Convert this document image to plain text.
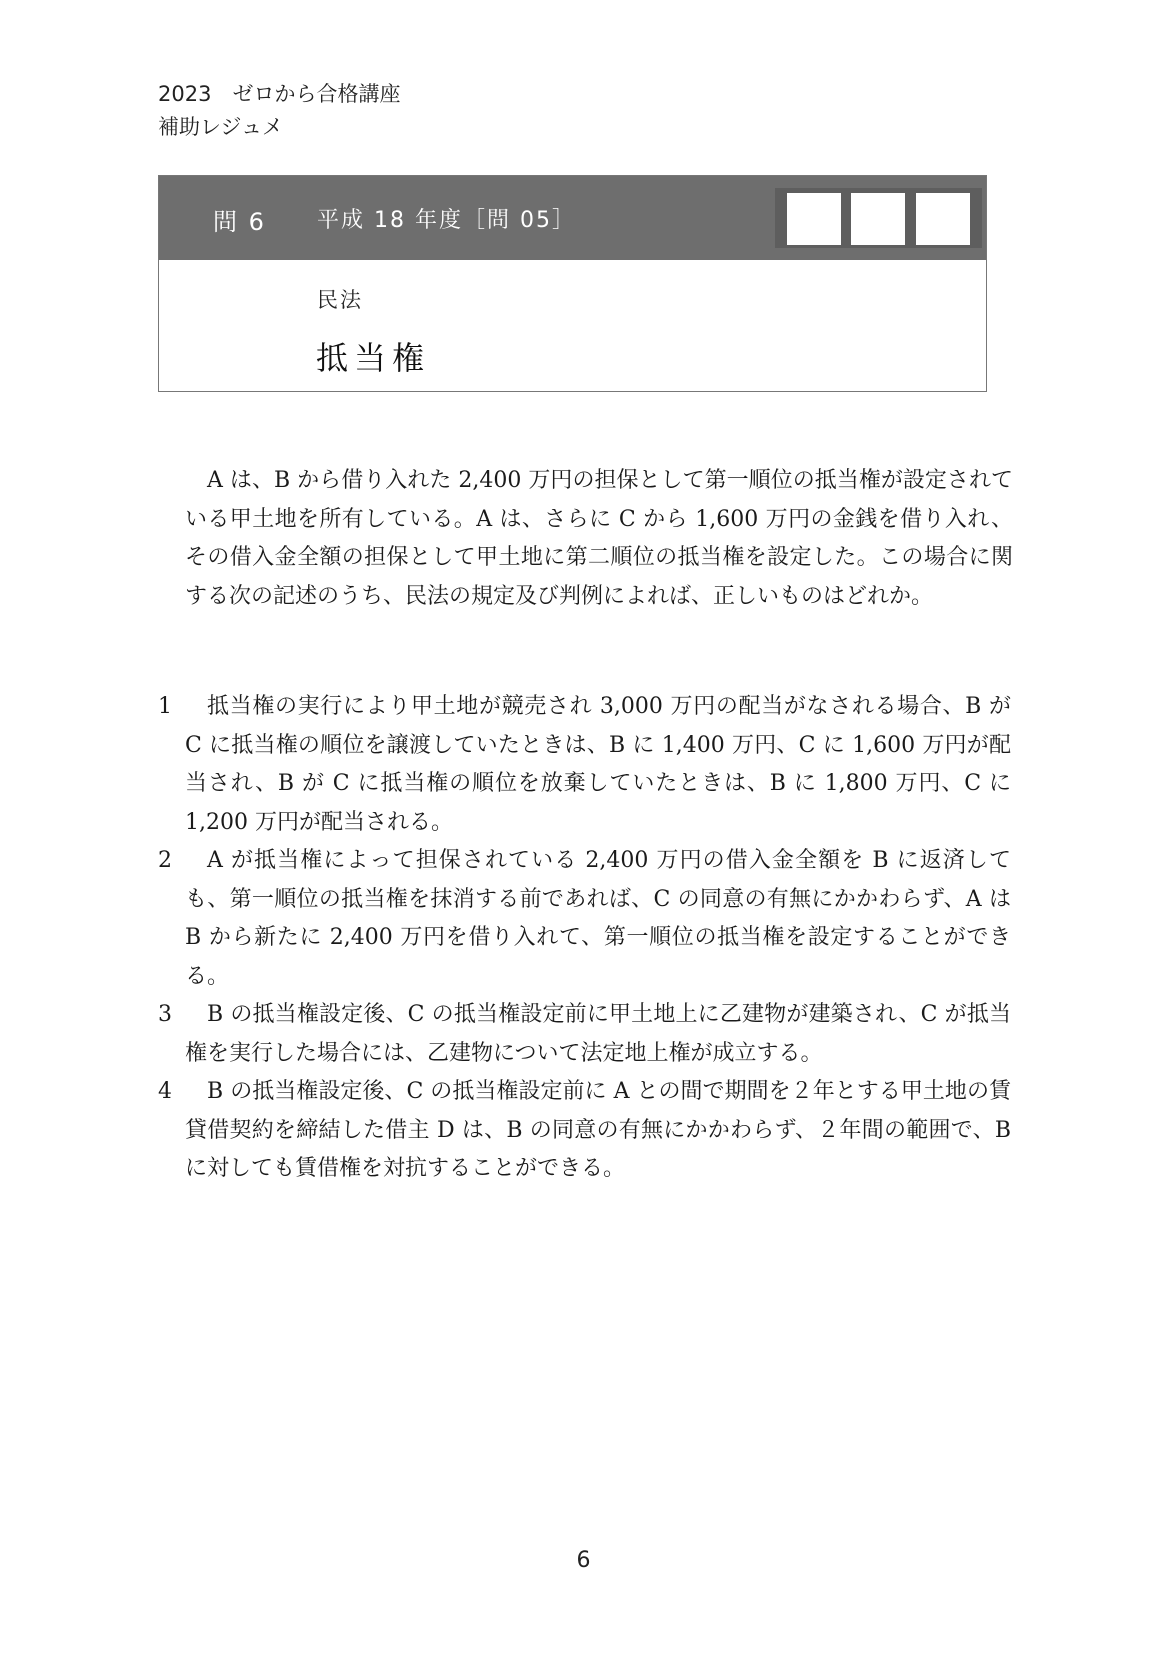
2023　ゼロから合格講座
補助レジュメ
問 6 平成 18 年度［問 05］
民法
抵当権

A は、B から借り入れた 2,400 万円の担保として第一順位の抵当権が設定されている甲土地を所有している。A は、さらに C から 1,600 万円の金銭を借り入れ、その借入金全額の担保として甲土地に第二順位の抵当権を設定した。この場合に関する次の記述のうち、民法の規定及び判例によれば、正しいものはどれか。

1	抵当権の実行により甲土地が競売され 3,000 万円の配当がなされる場合、B が C に抵当権の順位を譲渡していたときは、B に 1,400 万円、C に 1,600 万円が配当され、B が C に抵当権の順位を放棄していたときは、B に 1,800 万円、C に 1,200 万円が配当される。
2	A が抵当権によって担保されている 2,400 万円の借入金全額を B に返済しても、第一順位の抵当権を抹消する前であれば、C の同意の有無にかかわらず、A は B から新たに 2,400 万円を借り入れて、第一順位の抵当権を設定することができる。
3	B の抵当権設定後、C の抵当権設定前に甲土地上に乙建物が建築され、C が抵当権を実行した場合には、乙建物について法定地上権が成立する。
4	B の抵当権設定後、C の抵当権設定前に A との間で期間を２年とする甲土地の賃貸借契約を締結した借主 D は、B の同意の有無にかかわらず、２年間の範囲で、B に対しても賃借権を対抗することができる。
6
